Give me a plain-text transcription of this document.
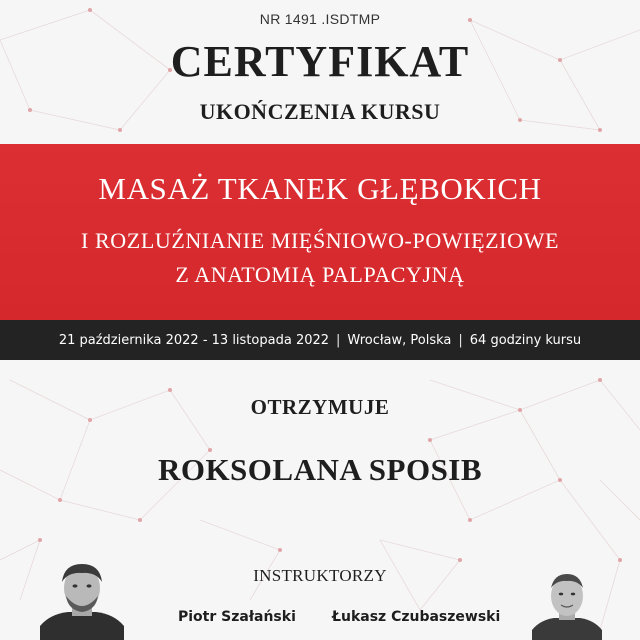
NR 1491 .ISDTMP
CERTYFIKAT
UKOŃCZENIA KURSU
MASAŻ TKANEK GŁĘBOKICH
I ROZLUŹNIANIE MIĘŚNIOWO-POWIĘZIOWE
Z ANATOMIĄ PALPACYJNĄ
21 października 2022 - 13 listopada 2022 | Wrocław, Polska | 64 godziny kursu
OTRZYMUJE
ROKSOLANA SPOSIB
INSTRUKTORZY
Piotr Szałański	Łukasz Czubaszewski
